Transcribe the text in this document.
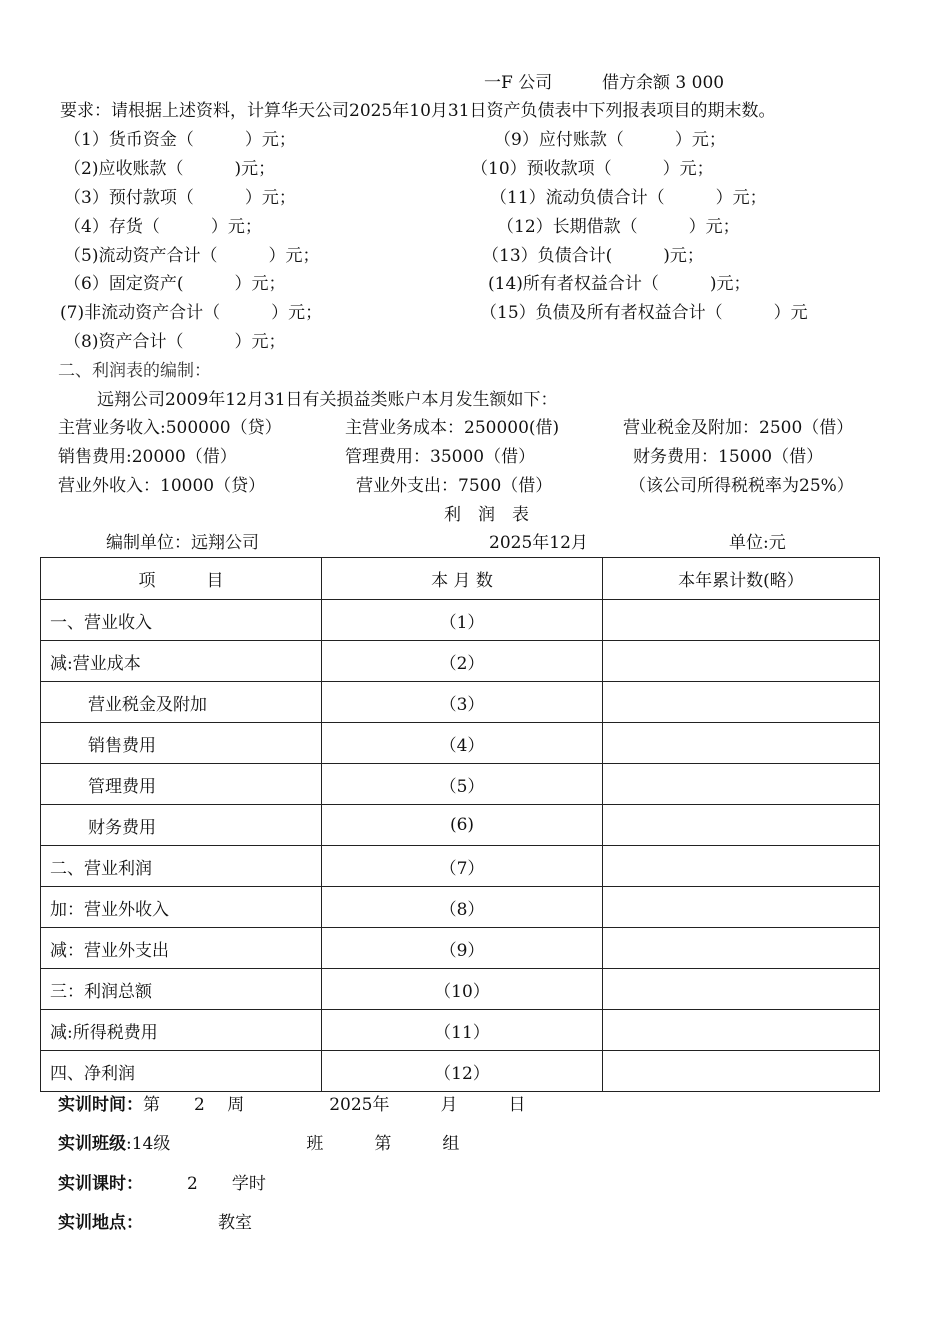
一F 公司	借方余额 3 000
要求：请根据上述资料，计算华天公司2025年10月31日资产负债表中下列报表项目的期末数。
（1）货币资金（　　　）元；
（2)应收账款（　　　)元；
（3）预付款项（　　　）元；
（4）存货（　　　）元；
（5)流动资产合计（　　　）元；
（6）固定资产(　　　）元；
(7)非流动资产合计（　　　）元；
（8)资产合计（　　　）元；
（9）应付账款（　　　）元；
（10）预收款项（　　　）元；
（11）流动负债合计（　　　）元；
（12）长期借款（　　　）元；
（13）负债合计(　　　)元；
(14)所有者权益合计（　　　)元；
（15）负债及所有者权益合计（　　　）元
二、利润表的编制：
远翔公司2009年12月31日有关损益类账户本月发生额如下：
主营业务收入:500000（贷）	主营业务成本：250000(借)	营业税金及附加：2500（借）
销售费用:20000（借）	管理费用：35000（借）	财务费用：15000（借）
营业外收入：10000（贷）	营业外支出：7500（借）	（该公司所得税税率为25%）
利　润　表
编制单位：远翔公司	2025年12月	单位:元
项　　　目	本 月 数	本年累计数(略）
一、营业收入	（1）	
减:营业成本	（2）	
营业税金及附加	（3）	
销售费用	（4）	
管理费用	（5）	
财务费用	(6)	
二、营业利润	（7）	
加：营业外收入	（8）	
减：营业外支出	（9）	
三：利润总额	（10）	
减:所得税费用	（11）	
四、净利润	（12）	
实训时间：第　　2　 周　　　　　2025年　　　月　　　日
实训班级:14级　　　　　　　　班　　　第　　　组
实训课时：	2　　学时
实训地点：	教室
